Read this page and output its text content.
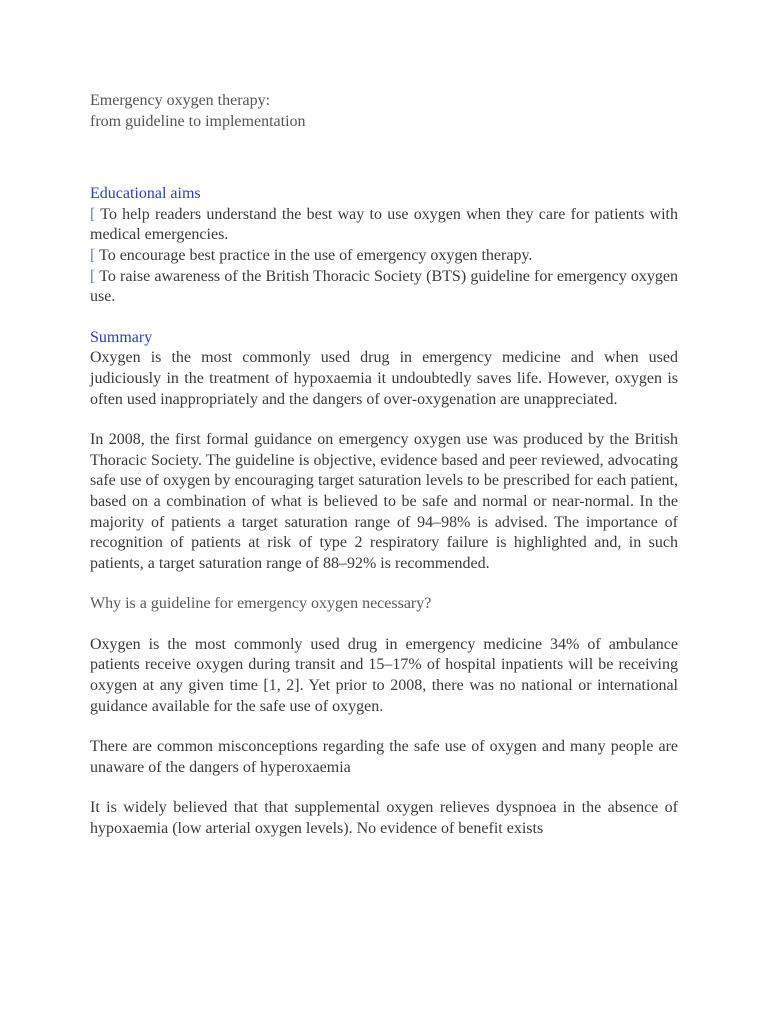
Emergency oxygen therapy:

from guideline to implementation

Educational aims

[ To help readers understand the best way to use oxygen when they care for patients with medical emergencies.

[ To encourage best practice in the use of emergency oxygen therapy.

[ To raise awareness of the British Thoracic Society (BTS) guideline for emergency oxygen use.

Summary

Oxygen is the most commonly used drug in emergency medicine and when used judiciously in the treatment of hypoxaemia it undoubtedly saves life. However, oxygen is often used inappropriately and the dangers of over-oxygenation are unappreciated.

In 2008, the first formal guidance on emergency oxygen use was produced by the British Thoracic Society. The guideline is objective, evidence based and peer reviewed, advocating safe use of oxygen by encouraging target saturation levels to be prescribed for each patient, based on a combination of what is believed to be safe and normal or near-normal. In the majority of patients a target saturation range of 94–98% is advised. The importance of recognition of patients at risk of type 2 respiratory failure is highlighted and, in such patients, a target saturation range of 88–92% is recommended.

Why is a guideline for emergency oxygen necessary?

Oxygen is the most commonly used drug in emergency medicine 34% of ambulance patients receive oxygen during transit and 15–17% of hospital inpatients will be receiving oxygen at any given time [1, 2]. Yet prior to 2008, there was no national or international guidance available for the safe use of oxygen.

There are common misconceptions regarding the safe use of oxygen and many people are unaware of the dangers of hyperoxaemia

It is widely believed that that supplemental oxygen relieves dyspnoea in the absence of hypoxaemia (low arterial oxygen levels). No evidence of benefit exists
